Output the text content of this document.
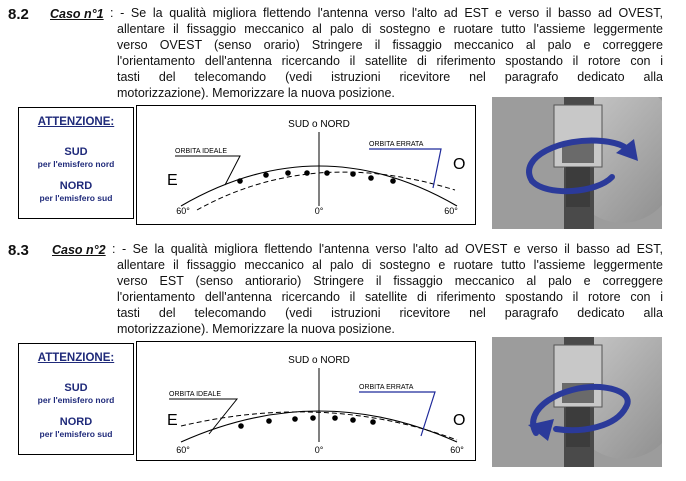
8.2 Caso n°1 : - Se la qualità migliora flettendo l'antenna verso l'alto ad EST e verso il basso ad OVEST,
allentare il fissaggio meccanico al palo di sostegno e ruotare tutto l'assieme leggermente
verso OVEST (senso orario) Stringere il fissaggio meccanico al palo e correggere
l'orientamento dell'antenna ricercando il satellite di riferimento spostando il rotore con i
tasti del telecomando (vedi istruzioni ricevitore nel paragrafo dedicato alla
motorizzazione). Memorizzare la nuova posizione.
ATTENZIONE:
SUD
per l'emisfero nord
NORD
per l'emisfero sud
SUD o NORD
ORBITA IDEALE
ORBITA ERRATA
E
O
60°	0°	60°
8.3 Caso n°2 : - Se la qualità migliora flettendo l'antenna verso l'alto ad OVEST e verso il basso ad EST,
allentare il fissaggio meccanico al palo di sostegno e ruotare tutto l'assieme leggermente
verso EST (senso antiorario) Stringere il fissaggio meccanico al palo e correggere
l'orientamento dell'antenna ricercando il satellite di riferimento spostando il rotore con i
tasti del telecomando (vedi istruzioni ricevitore nel paragrafo dedicato alla
motorizzazione). Memorizzare la nuova posizione.
ATTENZIONE:
SUD
per l'emisfero nord
NORD
per l'emisfero sud
SUD o NORD
ORBITA IDEALE
ORBITA ERRATA
E	O
60°	0°	60°
